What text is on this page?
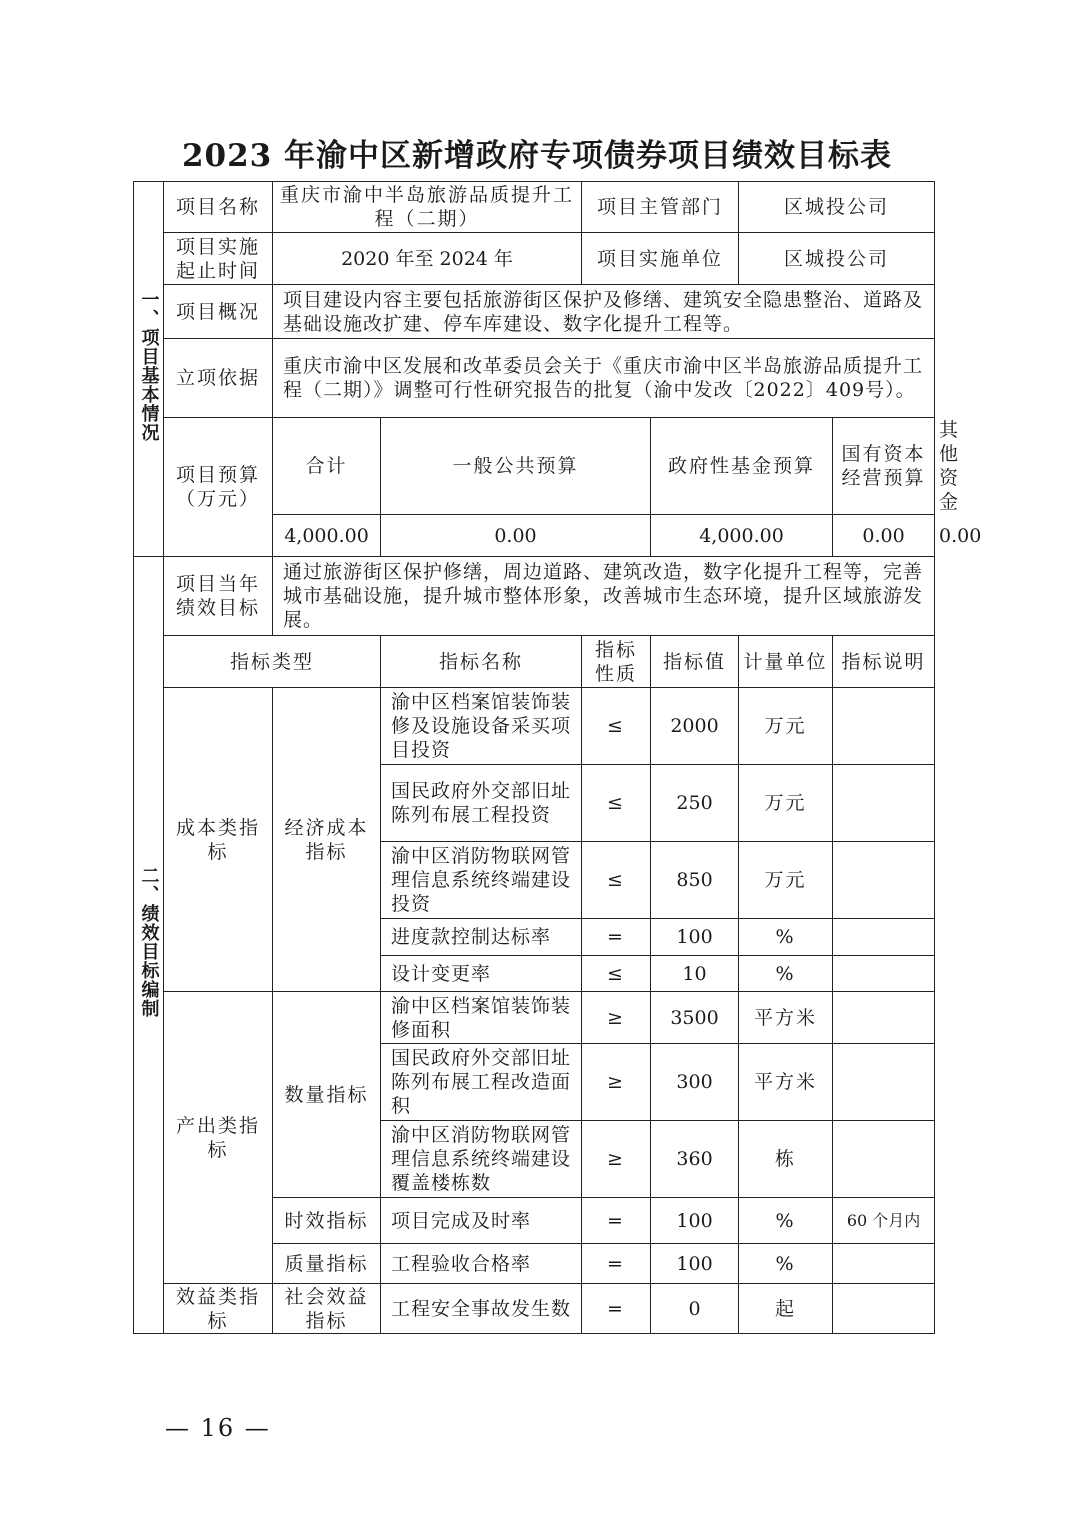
2023 年渝中区新增政府专项债券项目绩效目标表
一、项目基本情况	项目名称	重庆市渝中半岛旅游品质提升工程（二期）		项目主管部门		区城投公司		
	项目实施起止时间	2020 年至 2024 年		项目实施单位		区城投公司		
	项目概况	项目建设内容主要包括旅游街区保护及修缮、建筑安全隐患整治、道路及基础设施改扩建、停车库建设、数字化提升工程等。						
	立项依据	重庆市渝中区发展和改革委员会关于《重庆市渝中区半岛旅游品质提升工程（二期）》调整可行性研究报告的批复（渝中发改〔2022〕409号）。						
	项目预算（万元）	合计	一般公共预算		政府性基金预算		国有资本经营预算	其他资金
		4,000.00	0.00		4,000.00		0.00	0.00
二、绩效目标编制	项目当年绩效目标	通过旅游街区保护修缮，周边道路、建筑改造，数字化提升工程等，完善城市基础设施，提升城市整体形象，改善城市生态环境，提升区域旅游发展。						
	指标类型		指标名称	指标性质	指标值	计量单位	指标说明	
	成本类指标	经济成本指标	渝中区档案馆装饰装修及设施设备采买项目投资	≤	2000	万元		
			国民政府外交部旧址陈列布展工程投资	≤	250	万元		
			渝中区消防物联网管理信息系统终端建设投资	≤	850	万元		
			进度款控制达标率	=	100	%		
			设计变更率	≤	10	%		
	产出类指标	数量指标	渝中区档案馆装饰装修面积	≥	3500	平方米		
			国民政府外交部旧址陈列布展工程改造面积	≥	300	平方米		
			渝中区消防物联网管理信息系统终端建设覆盖楼栋数	≥	360	栋		
		时效指标	项目完成及时率	=	100	%	60 个月内	
		质量指标	工程验收合格率	=	100	%		
	效益类指标	社会效益指标	工程安全事故发生数	=	0	起		
— 16 —
